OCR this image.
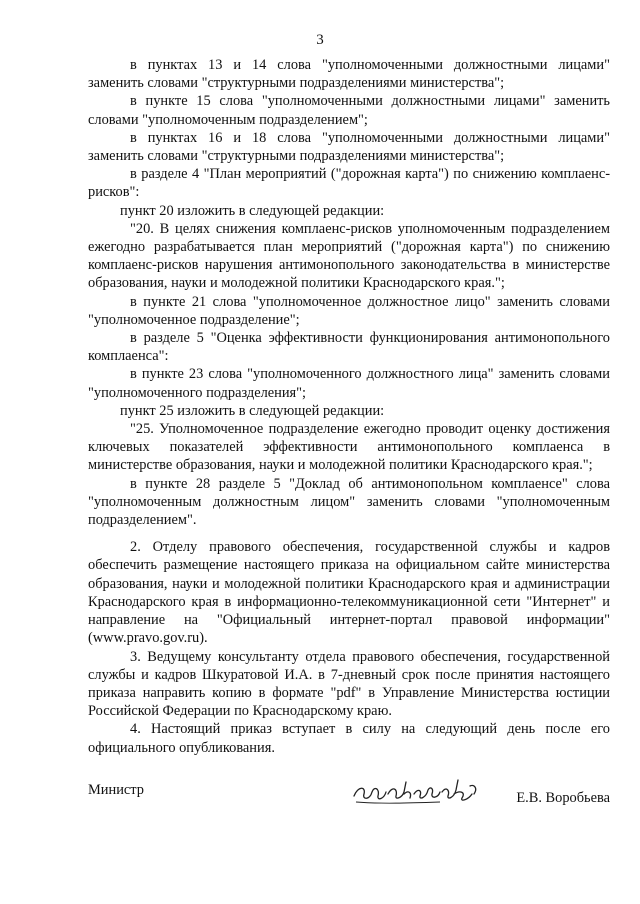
3

в пунктах 13 и 14 слова "уполномоченными должностными лицами" заменить словами "структурными подразделениями министерства";

в пункте 15 слова "уполномоченными должностными лицами" заменить словами "уполномоченным подразделением";

в пунктах 16 и 18 слова "уполномоченными должностными лицами" заменить словами "структурными подразделениями министерства";

в разделе 4 "План мероприятий ("дорожная карта") по снижению комплаенс-рисков":

пункт 20 изложить в следующей редакции:

"20. В целях снижения комплаенс-рисков уполномоченным подразделением ежегодно разрабатывается план мероприятий ("дорожная карта") по снижению комплаенс-рисков нарушения антимонопольного законодательства в министерстве образования, науки и молодежной политики Краснодарского края.";

в пункте 21 слова "уполномоченное должностное лицо" заменить словами "уполномоченное подразделение";

в разделе 5 "Оценка эффективности функционирования антимонопольного комплаенса":

в пункте 23 слова "уполномоченного должностного лица" заменить словами "уполномоченного подразделения";

пункт 25 изложить в следующей редакции:

"25. Уполномоченное подразделение ежегодно проводит оценку достижения ключевых показателей эффективности антимонопольного комплаенса в министерстве образования, науки и молодежной политики Краснодарского края.";

в пункте 28 разделе 5 "Доклад об антимонопольном комплаенсе" слова "уполномоченным должностным лицом" заменить словами "уполномоченным подразделением".

2. Отделу правового обеспечения, государственной службы и кадров обеспечить размещение настоящего приказа на официальном сайте министерства образования, науки и молодежной политики Краснодарского края и администрации Краснодарского края в информационно-телекоммуникационной сети "Интернет" и направление на "Официальный интернет-портал правовой информации" (www.pravo.gov.ru).

3. Ведущему консультанту отдела правового обеспечения, государственной службы и кадров Шкуратовой И.А. в 7-дневный срок после принятия настоящего приказа направить копию в формате "pdf" в Управление Министерства юстиции Российской Федерации по Краснодарскому краю.

4. Настоящий приказ вступает в силу на следующий день после его официального опубликования.

Министр	Е.В. Воробьева
